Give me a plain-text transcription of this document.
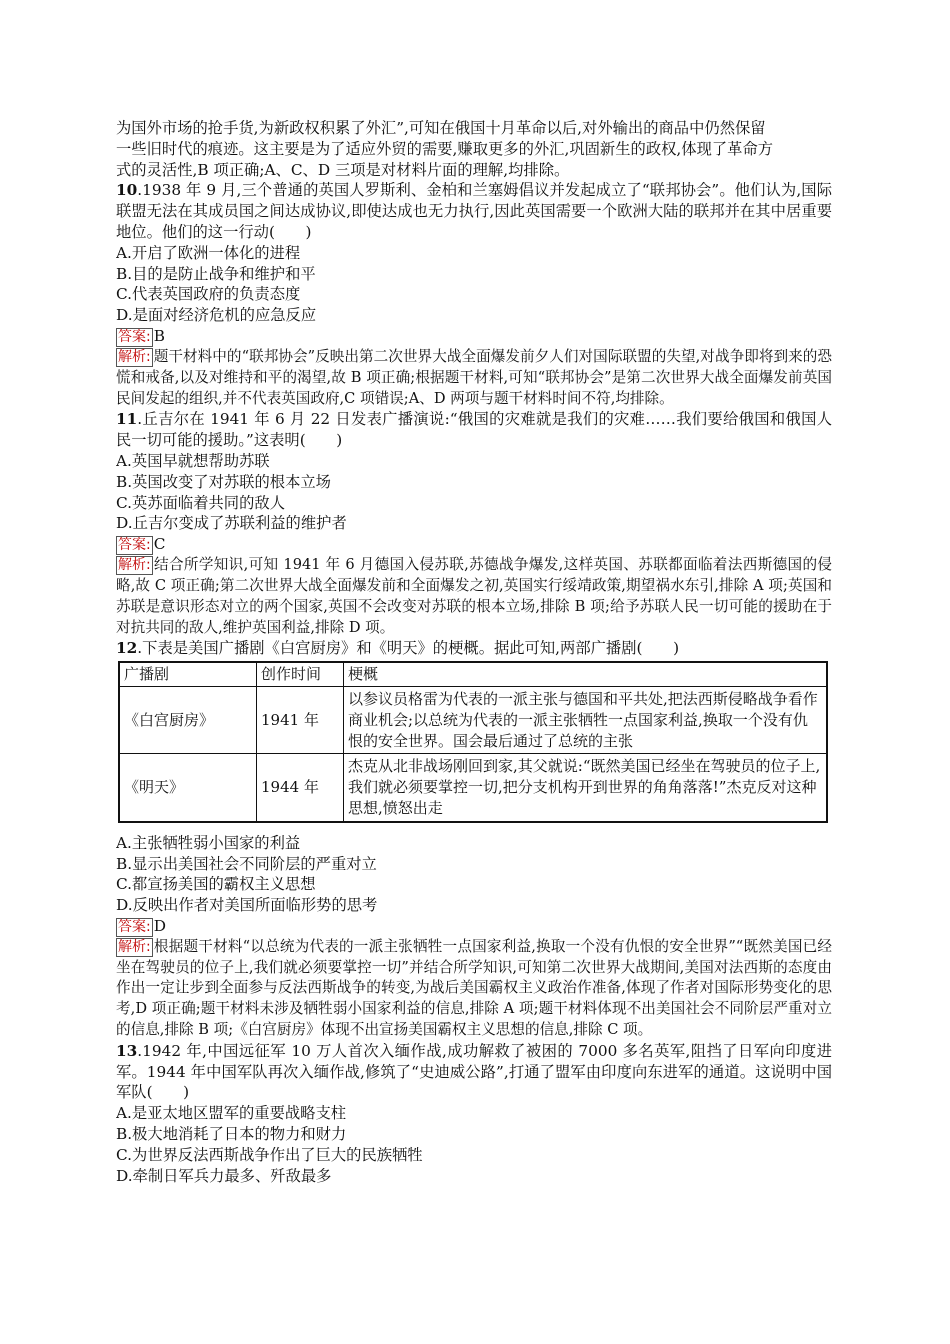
为国外市场的抢手货,为新政权积累了外汇”,可知在俄国十月革命以后,对外输出的商品中仍然保留
一些旧时代的痕迹。这主要是为了适应外贸的需要,赚取更多的外汇,巩固新生的政权,体现了革命方
式的灵活性,B 项正确;A、C、D 三项是对材料片面的理解,均排除。
10.1938 年 9 月,三个普通的英国人罗斯利、金柏和兰塞姆倡议并发起成立了“联邦协会”。他们认为,国际联盟无法在其成员国之间达成协议,即使达成也无力执行,因此英国需要一个欧洲大陆的联邦并在其中居重要地位。他们的这一行动(　　)
A.开启了欧洲一体化的进程
B.目的是防止战争和维护和平
C.代表英国政府的负责态度
D.是面对经济危机的应急反应
答案: B
解析: 题干材料中的“联邦协会”反映出第二次世界大战全面爆发前夕人们对国际联盟的失望,对战争即将到来的恐慌和戒备,以及对维持和平的渴望,故 B 项正确;根据题干材料,可知“联邦协会”是第二次世界大战全面爆发前英国民间发起的组织,并不代表英国政府,C 项错误;A、D 两项与题干材料时间不符,均排除。
11.丘吉尔在 1941 年 6 月 22 日发表广播演说:“俄国的灾难就是我们的灾难……我们要给俄国和俄国人民一切可能的援助。”这表明(　　)
A.英国早就想帮助苏联
B.英国改变了对苏联的根本立场
C.英苏面临着共同的敌人
D.丘吉尔变成了苏联利益的维护者
答案: C
解析: 结合所学知识,可知 1941 年 6 月德国入侵苏联,苏德战争爆发,这样英国、苏联都面临着法西斯德国的侵略,故 C 项正确;第二次世界大战全面爆发前和全面爆发之初,英国实行绥靖政策,期望祸水东引,排除 A 项;英国和苏联是意识形态对立的两个国家,英国不会改变对苏联的根本立场,排除 B 项;给予苏联人民一切可能的援助在于对抗共同的敌人,维护英国利益,排除 D 项。
12.下表是美国广播剧《白宫厨房》和《明天》的梗概。据此可知,两部广播剧(　　)
广播剧	创作时间	梗概
《白宫厨房》	1941 年	以参议员格雷为代表的一派主张与德国和平共处,把法西斯侵略战争看作商业机会;以总统为代表的一派主张牺牲一点国家利益,换取一个没有仇恨的安全世界。国会最后通过了总统的主张
《明天》	1944 年	杰克从北非战场刚回到家,其父就说:“既然美国已经坐在驾驶员的位子上,我们就必须要掌控一切,把分支机构开到世界的角角落落!”杰克反对这种思想,愤怒出走
A.主张牺牲弱小国家的利益
B.显示出美国社会不同阶层的严重对立
C.都宣扬美国的霸权主义思想
D.反映出作者对美国所面临形势的思考
答案: D
解析: 根据题干材料“以总统为代表的一派主张牺牲一点国家利益,换取一个没有仇恨的安全世界”“既然美国已经坐在驾驶员的位子上,我们就必须要掌控一切”并结合所学知识,可知第二次世界大战期间,美国对法西斯的态度由作出一定让步到全面参与反法西斯战争的转变,为战后美国霸权主义政治作准备,体现了作者对国际形势变化的思考,D 项正确;题干材料未涉及牺牲弱小国家利益的信息,排除 A 项;题干材料体现不出美国社会不同阶层严重对立的信息,排除 B 项;《白宫厨房》体现不出宣扬美国霸权主义思想的信息,排除 C 项。
13.1942 年,中国远征军 10 万人首次入缅作战,成功解救了被困的 7000 多名英军,阻挡了日军向印度进军。1944 年中国军队再次入缅作战,修筑了“史迪威公路”,打通了盟军由印度向东进军的通道。这说明中国军队(　　)
A.是亚太地区盟军的重要战略支柱
B.极大地消耗了日本的物力和财力
C.为世界反法西斯战争作出了巨大的民族牺牲
D.牵制日军兵力最多、歼敌最多
